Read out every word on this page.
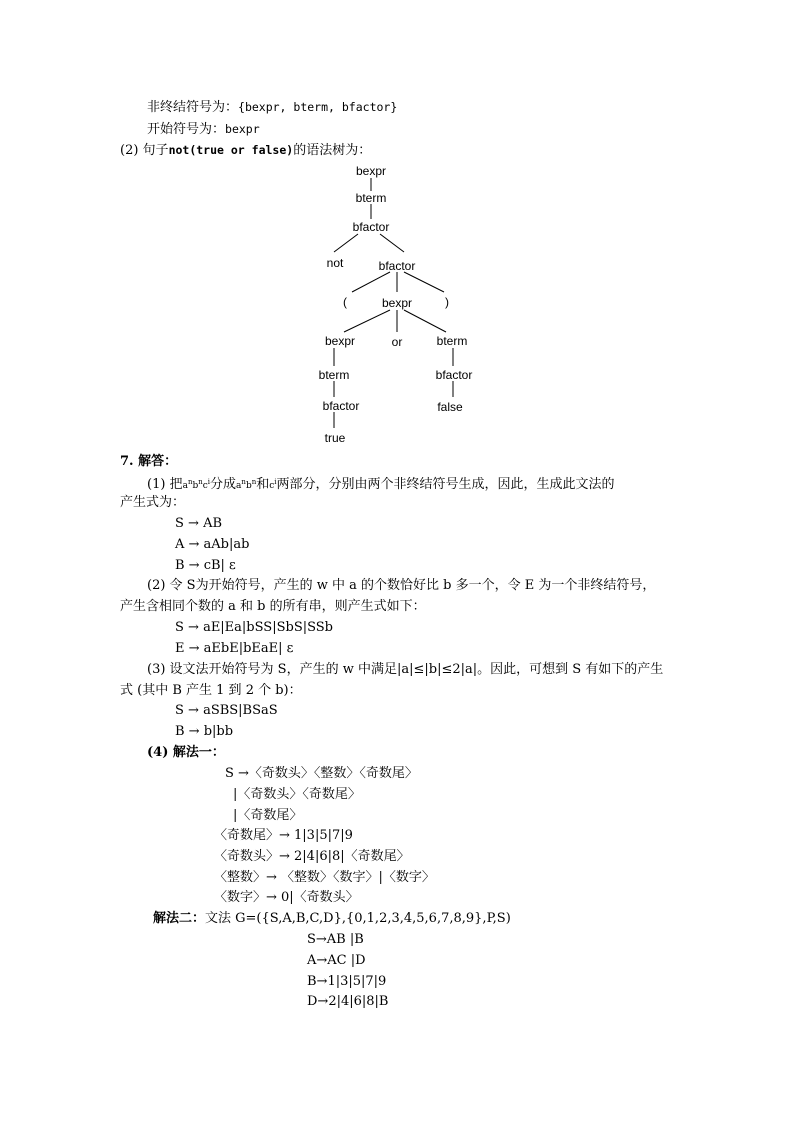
非终结符号为：{bexpr, bterm, bfactor}
开始符号为：bexpr
(2) 句子not(true or false)的语法树为：
bexpr
bterm
bfactor
not	bfactor
(	bexpr	)
bexpr	or	bterm
bterm	bfactor
bfactor	false
true
7. 解答：
(1) 把$a^nb^nc^i$分成$a^nb^n$和$c^i$两部分，分别由两个非终结符号生成，因此，生成此文法的
产生式为：
S → AB
A → aAb|ab
B → cB| ε
(2) 令 S为开始符号，产生的 w 中 a 的个数恰好比 b 多一个，令 E 为一个非终结符号，
产生含相同个数的 a 和 b 的所有串，则产生式如下：
S → aE|Ea|bSS|SbS|SSb
E → aEbE|bEaE| ε
(3) 设文法开始符号为 S，产生的 w 中满足|a|≤|b|≤2|a|。因此，可想到 S 有如下的产生
式 (其中 B 产生 1 到 2 个 b)：
S → aSBS|BSaS
B → b|bb
(4) 解法一：
S →〈奇数头〉〈整数〉〈奇数尾〉
|〈奇数头〉〈奇数尾〉
|〈奇数尾〉
〈奇数尾〉→ 1|3|5|7|9
〈奇数头〉→ 2|4|6|8|〈奇数尾〉
〈整数〉→ 〈整数〉〈数字〉|〈数字〉
〈数字〉→ 0|〈奇数头〉
解法二：文法 G=({S,A,B,C,D},{0,1,2,3,4,5,6,7,8,9},P,S)
S→AB |B
A→AC |D
B→1|3|5|7|9
D→2|4|6|8|B
